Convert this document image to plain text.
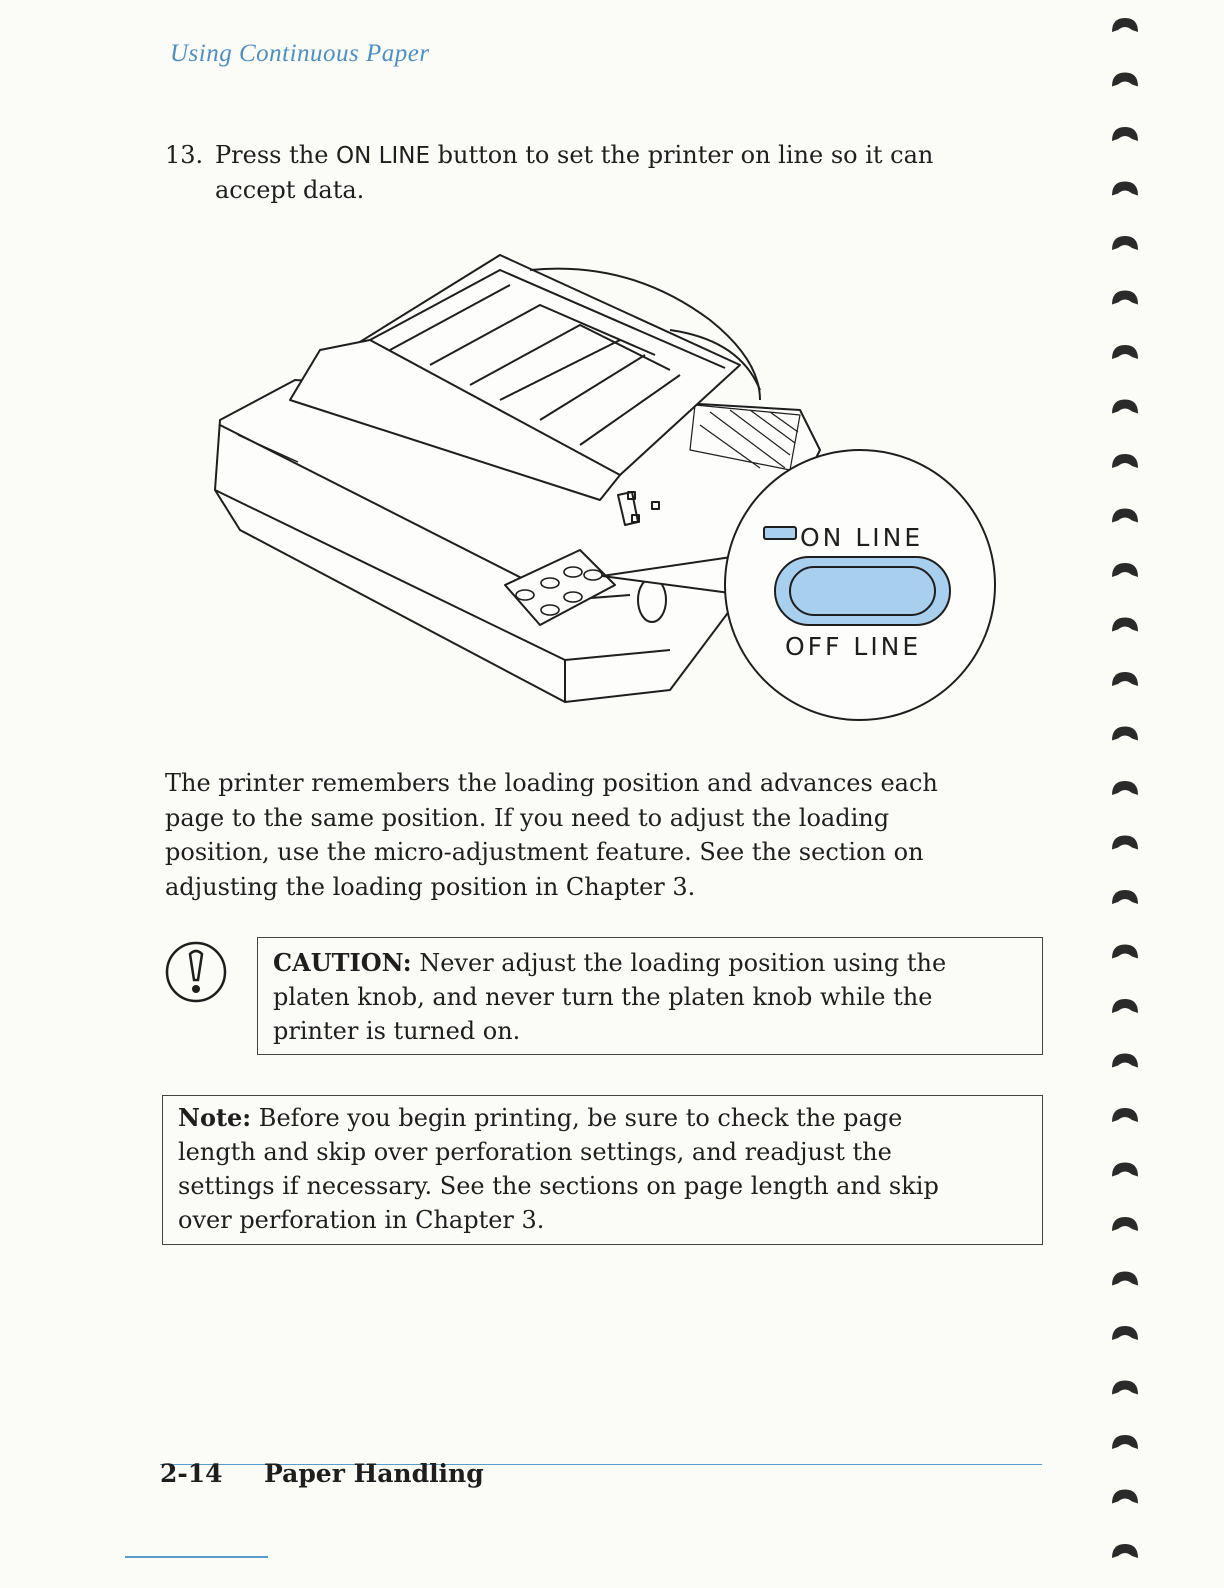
Using Continuous Paper
13. Press the ON LINE button to set the printer on line so it can
accept data.
ON LINE
OFF LINE
The printer remembers the loading position and advances each
page to the same position. If you need to adjust the loading
position, use the micro-adjustment feature. See the section on
adjusting the loading position in Chapter 3.
CAUTION: Never adjust the loading position using the
platen knob, and never turn the platen knob while the
printer is turned on.
Note: Before you begin printing, be sure to check the page
length and skip over perforation settings, and readjust the
settings if necessary. See the sections on page length and skip
over perforation in Chapter 3.
2-14 Paper Handling
